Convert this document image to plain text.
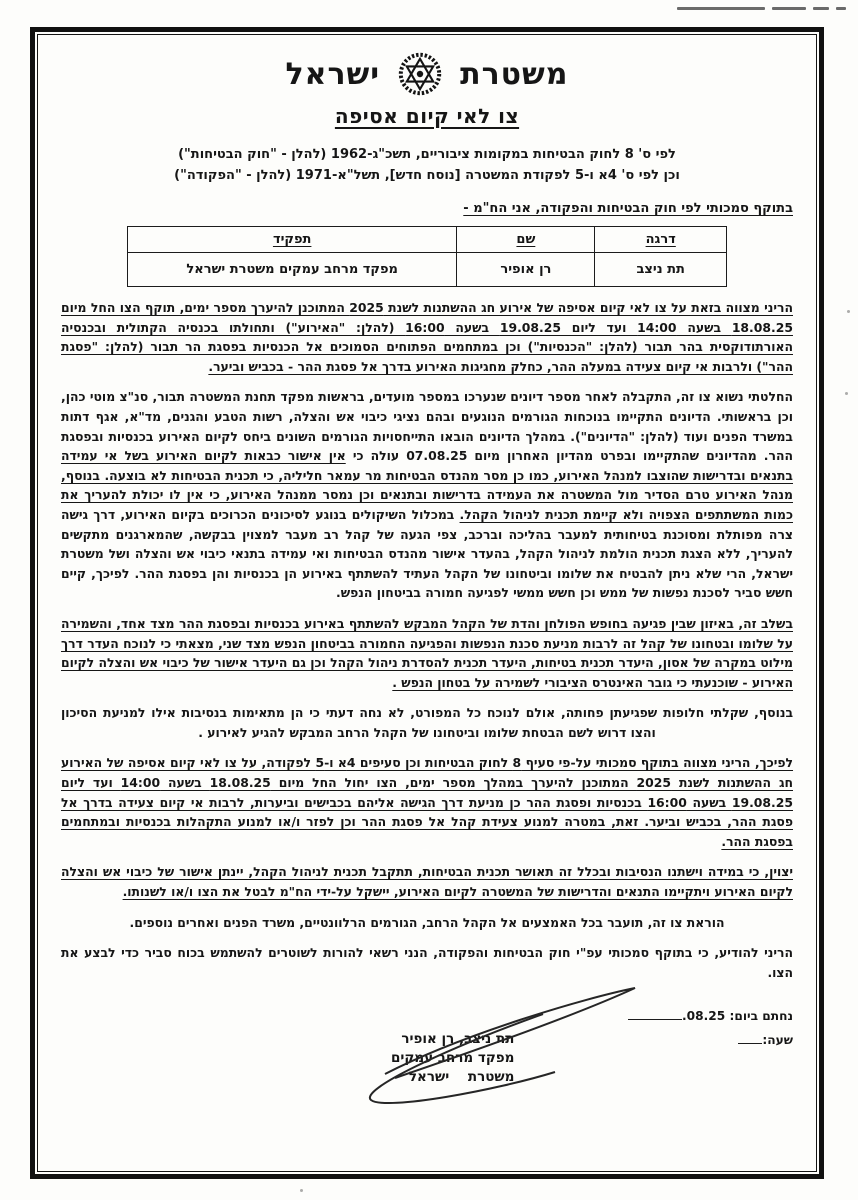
משטרת
ישראל
צו לאי קיום אסיפה
לפי ס' 8 לחוק הבטיחות במקומות ציבוריים, תשכ"ג-1962 (להלן - "חוק הבטיחות")
וכן לפי ס' 4א ו-5 לפקודת המשטרה [נוסח חדש], תשל"א-1971 (להלן - "הפקודה")
בתוקף סמכותי לפי חוק הבטיחות והפקודה, אני הח"מ -
דרגה	שם	תפקיד
תת ניצב	רן אופיר	מפקד מרחב עמקים משטרת ישראל

הריני מצווה בזאת על צו לאי קיום אסיפה של אירוע חג ההשתנות לשנת 2025 המתוכנן להיערך מספר ימים, תוקף הצו החל מיום 18.08.25 בשעה 14:00 ועד ליום 19.08.25 בשעה 16:00 (להלן: "האירוע") ותחולתו בכנסיה הקתולית ובכנסיה האורתודוקסית בהר תבור (להלן: "הכנסיות") וכן במתחמים הפתוחים הסמוכים אל הכנסיות בפסגת הר תבור (להלן: "פסגת ההר") ולרבות אי קיום צעידה במעלה ההר, כחלק מחגיגות האירוע בדרך אל פסגת ההר - בכביש וביער.

החלטתי נשוא צו זה, התקבלה לאחר מספר דיונים שנערכו במספר מועדים, בראשות מפקד תחנת המשטרה תבור, סנ"צ מוטי כהן, וכן בראשותי. הדיונים התקיימו בנוכחות הגורמים הנוגעים ובהם נציגי כיבוי אש והצלה, רשות הטבע והגנים, מד"א, אגף דתות במשרד הפנים ועוד (להלן: "הדיונים"). במהלך הדיונים הובאו התייחסויות הגורמים השונים ביחס לקיום האירוע בכנסיות ובפסגת ההר. מהדיונים שהתקיימו ובפרט מהדיון האחרון מיום 07.08.25 עולה כי אין אישור כבאות לקיום האירוע בשל אי עמידה בתנאים ובדרישות שהוצבו למנהל האירוע, כמו כן מסר מהנדס הבטיחות מר עמאר חליליה, כי תכנית הבטיחות לא בוצעה. בנוסף, מנהל האירוע טרם הסדיר מול המשטרה את העמידה בדרישות ובתנאים וכן נמסר ממנהל האירוע, כי אין לו יכולת להעריך את כמות המשתתפים הצפויה ולא קיימת תכנית לניהול הקהל. במכלול השיקולים בנוגע לסיכונים הכרוכים בקיום האירוע, דרך גישה צרה מפותלת ומסוכנת בטיחותית למעבר בהליכה וברכב, צפי הגעה של קהל רב מעבר למצוין בבקשה, שהמארגנים מתקשים להעריך, ללא הצגת תכנית הולמת לניהול הקהל, בהעדר אישור מהנדס הבטיחות ואי עמידה בתנאי כיבוי אש והצלה ושל משטרת ישראל, הרי שלא ניתן להבטיח את שלומו וביטחונו של הקהל העתיד להשתתף באירוע הן בכנסיות והן בפסגת ההר. לפיכך, קיים חשש סביר לסכנת נפשות של ממש וכן חשש ממשי לפגיעה חמורה בביטחון הנפש.

בשלב זה, באיזון שבין פגיעה בחופש הפולחן והדת של הקהל המבקש להשתתף באירוע בכנסיות ובפסגת ההר מצד אחד, והשמירה על שלומו ובטחונו של קהל זה לרבות מניעת סכנת הנפשות והפגיעה החמורה בביטחון הנפש מצד שני, מצאתי כי לנוכח העדר דרך מילוט במקרה של אסון, היעדר תכנית בטיחות, היעדר תכנית להסדרת ניהול הקהל וכן גם היעדר אישור של כיבוי אש והצלה לקיום האירוע - שוכנעתי כי גובר האינטרס הציבורי לשמירה על בטחון הנפש .

בנוסף, שקלתי חלופות שפגיעתן פחותה, אולם לנוכח כל המפורט, לא נחה דעתי כי הן מתאימות בנסיבות אילו למניעת הסיכון והצו דרוש לשם הבטחת שלומו וביטחונו של הקהל הרחב המבקש להגיע לאירוע .

לפיכך, הריני מצווה בתוקף סמכותי על-פי סעיף 8 לחוק הבטיחות וכן סעיפים 4א ו-5 לפקודה, על צו לאי קיום אסיפה של האירוע חג ההשתנות לשנת 2025 המתוכנן להיערך במהלך מספר ימים, הצו יחול החל מיום 18.08.25 בשעה 14:00 ועד ליום 19.08.25 בשעה 16:00 בכנסיות ופסגת ההר כן מניעת דרך הגישה אליהם בכבישים וביערות, לרבות אי קיום צעידה בדרך אל פסגת ההר, בכביש וביער. זאת, במטרה למנוע צעידת קהל אל פסגת ההר וכן לפזר ו/או למנוע התקהלות בכנסיות ובמתחמים בפסגת ההר.

יצוין, כי במידה וישתנו הנסיבות ובכלל זה תאושר תכנית הבטיחות, תתקבל תכנית לניהול הקהל, יינתן אישור של כיבוי אש והצלה לקיום האירוע ויתקיימו התנאים והדרישות של המשטרה לקיום האירוע, יישקל על-ידי הח"מ לבטל את הצו ו/או לשנותו.

הוראת צו זה, תועבר בכל האמצעים אל הקהל הרחב, הגורמים הרלוונטיים, משרד הפנים ואחרים נוספים.

הריני להודיע, כי בתוקף סמכותי עפ"י חוק הבטיחות והפקודה, הנני רשאי להורות לשוטרים להשתמש בכוח סביר כדי לבצע את הצו.

נחתם ביום: .08.25
שעה:
תת ניצב, רן אופיר
מפקד מרחב עמקים
משטרת ישראל
